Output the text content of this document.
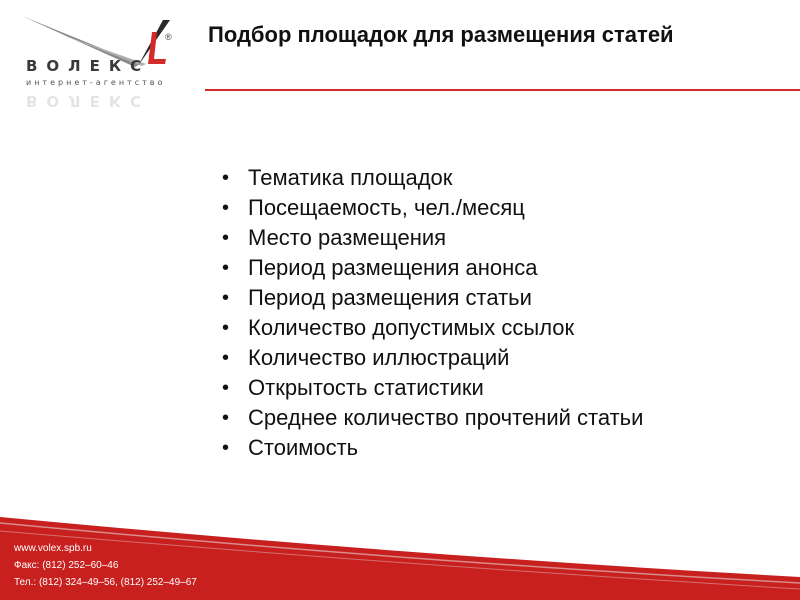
®
ВОЛЕКС
интернет-агентство
ВОЛЕКС
Подбор площадок для размещения статей
• Тематика площадок
• Посещаемость, чел./месяц
• Место размещения
• Период размещения анонса
• Период размещения статьи
• Количество допустимых ссылок
• Количество иллюстраций
• Открытость статистики
• Среднее количество прочтений статьи
• Стоимость
www.volex.spb.ru
Факс: (812) 252–60–46
Тел.: (812) 324–49–56, (812) 252–49–67
